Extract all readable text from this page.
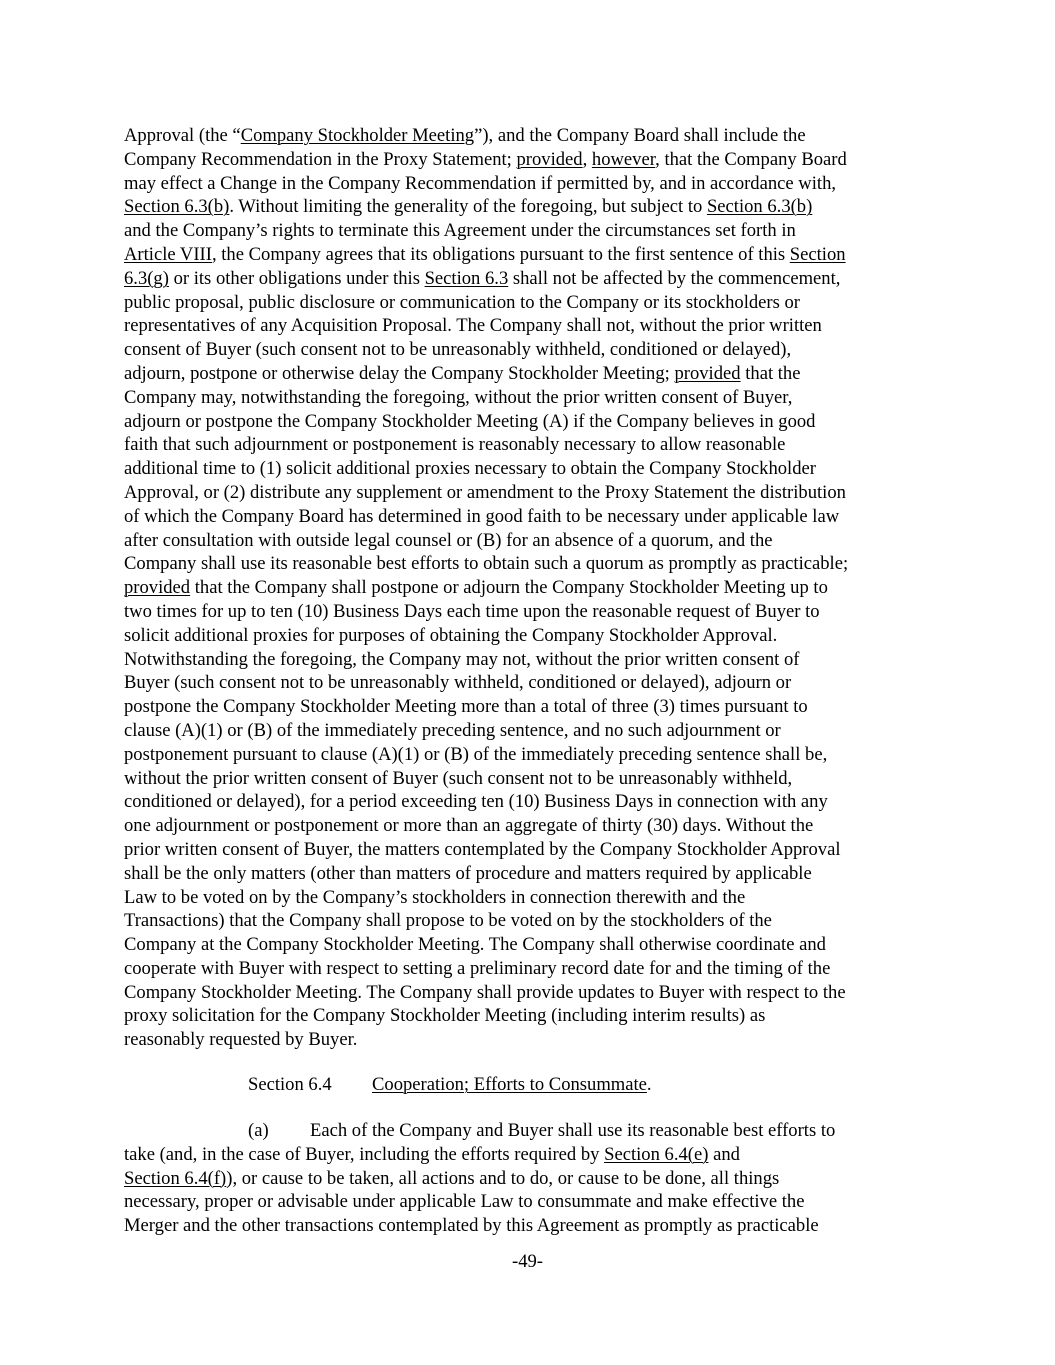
Approval (the “Company Stockholder Meeting”), and the Company Board shall include the
Company Recommendation in the Proxy Statement; provided, however, that the Company Board
may effect a Change in the Company Recommendation if permitted by, and in accordance with,
Section 6.3(b). Without limiting the generality of the foregoing, but subject to Section 6.3(b)
and the Company’s rights to terminate this Agreement under the circumstances set forth in
Article VIII, the Company agrees that its obligations pursuant to the first sentence of this Section
6.3(g) or its other obligations under this Section 6.3 shall not be affected by the commencement,
public proposal, public disclosure or communication to the Company or its stockholders or
representatives of any Acquisition Proposal. The Company shall not, without the prior written
consent of Buyer (such consent not to be unreasonably withheld, conditioned or delayed),
adjourn, postpone or otherwise delay the Company Stockholder Meeting; provided that the
Company may, notwithstanding the foregoing, without the prior written consent of Buyer,
adjourn or postpone the Company Stockholder Meeting (A) if the Company believes in good
faith that such adjournment or postponement is reasonably necessary to allow reasonable
additional time to (1) solicit additional proxies necessary to obtain the Company Stockholder
Approval, or (2) distribute any supplement or amendment to the Proxy Statement the distribution
of which the Company Board has determined in good faith to be necessary under applicable law
after consultation with outside legal counsel or (B) for an absence of a quorum, and the
Company shall use its reasonable best efforts to obtain such a quorum as promptly as practicable;
provided that the Company shall postpone or adjourn the Company Stockholder Meeting up to
two times for up to ten (10) Business Days each time upon the reasonable request of Buyer to
solicit additional proxies for purposes of obtaining the Company Stockholder Approval.
Notwithstanding the foregoing, the Company may not, without the prior written consent of
Buyer (such consent not to be unreasonably withheld, conditioned or delayed), adjourn or
postpone the Company Stockholder Meeting more than a total of three (3) times pursuant to
clause (A)(1) or (B) of the immediately preceding sentence, and no such adjournment or
postponement pursuant to clause (A)(1) or (B) of the immediately preceding sentence shall be,
without the prior written consent of Buyer (such consent not to be unreasonably withheld,
conditioned or delayed), for a period exceeding ten (10) Business Days in connection with any
one adjournment or postponement or more than an aggregate of thirty (30) days. Without the
prior written consent of Buyer, the matters contemplated by the Company Stockholder Approval
shall be the only matters (other than matters of procedure and matters required by applicable
Law to be voted on by the Company’s stockholders in connection therewith and the
Transactions) that the Company shall propose to be voted on by the stockholders of the
Company at the Company Stockholder Meeting. The Company shall otherwise coordinate and
cooperate with Buyer with respect to setting a preliminary record date for and the timing of the
Company Stockholder Meeting. The Company shall provide updates to Buyer with respect to the
proxy solicitation for the Company Stockholder Meeting (including interim results) as
reasonably requested by Buyer.
Section 6.4 Cooperation; Efforts to Consummate.
(a) Each of the Company and Buyer shall use its reasonable best efforts to
take (and, in the case of Buyer, including the efforts required by Section 6.4(e) and
Section 6.4(f)), or cause to be taken, all actions and to do, or cause to be done, all things
necessary, proper or advisable under applicable Law to consummate and make effective the
Merger and the other transactions contemplated by this Agreement as promptly as practicable
-49-
